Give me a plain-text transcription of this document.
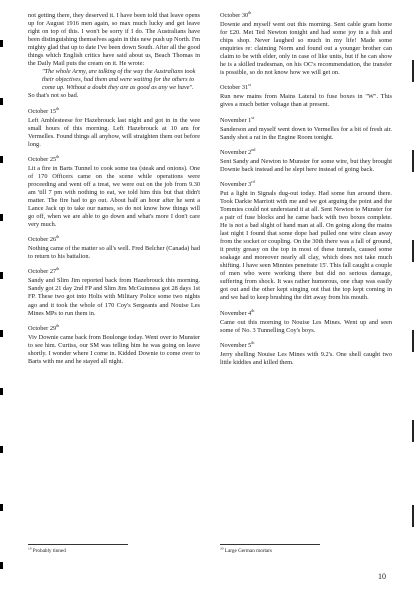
not getting there, they deserved it. I have been told that leave opens up for August 1916 men again, so max much lucky and get leave right on top of this. I won't be sorry if I do. The Australians have been distinguishing themselves again in this new push up North. I'm mighty glad that up to date I've been down South. After all the good things which English critics have said about us, Beach Thomas in the Daily Mail puts the cream on it. He wrote:
"The whole Army, are talking of the way the Australians took their objectives, had them and were waiting for the others to come up. Without a doubt they are as good as any we have".
So that's not so bad.
October 15th
Left Amblesteese for Hazebrouck last night and got in in the wee small hours of this morning. Left Hazebrouck at 10 am for Vermelles. Found things all anyhow, will straighten them out before long.
October 25th
Lit a fire in Barts Tunnel to cook some tea (steak and onions). One of 170 Officers came on the scene while operations were proceeding and went off a treat, we were out on the job from 9.30 am 'till 7 pm with nothing to eat, we told him this but that didn't matter. The fire had to go out. About half an hour after he sent a Lance Jack up to take our names, so do not know how things will go off, when we are able to go down and what's more I don't care very much.
October 26th
Nothing came of the matter so all's well. Fred Belcher (Canada) had to return to his battalion.
October 27th
Sandy and Slim Jim reported back from Hazebrouck this morning. Sandy got 21 day 2nd FP and Slim Jim McGuinness got 28 days 1st FP. These two got into Holts with Military Police some two nights ago and it took the whole of 170 Coy's Sergeants and Nouise Les Mines MPs to run them in.
October 29th
Viv Downie came back from Boulonge today. Went over to Munster to see him. Curtiss, our SM was telling him he was going on leave shortly. I wonder where I come in. Kidded Downie to come over to Barts with me and he stayed all night.
October 30th
Downie and myself went out this morning. Sent cable gram home for £20. Met Ted Newton tonight and had some joy in a fish and chips shop. Never laughed so much in my life! Made some enquiries re: claiming Norm and found out a younger brother can claim to be with elder, only in case of like units, but if he can show he is a skilled tradesman, on his OC's recommendation, the transfer is possible, so do not know how we will get on.
October 31st
Run new mains from Mains Lateral to fuse boxes in "W". This gives a much better voltage than at present.
November 1st
Sanderson and myself went down to Vermelles for a bit of fresh air. Sandy shot a rat in the Engine Room tonight.
November 2nd
Sent Sandy and Newton to Munster for some wire, but they brought Downie back instead and he slept here instead of going back.
November 3rd
Put a light in Signals dug-out today. Had some fun around there. Took Darkie Marriott with me and we got arguing the point and the Tommies could not understand it at all. Sent Newton to Munster for a pair of fuse blocks and he came back with two boxes complete. He is not a bad slight of hand man at all. On going along the mains last night I found that some dope had pulled one wire clean away from the socket or coupling. On the 30th there was a fall of ground, it pretty greasy on the top in most of these tunnels, caused some soakage and moreover nearly all clay, which does not take much shifting. I have seen Minnies penetrate 15'. This fall caught a couple of men who were working there but did no serious damage, suffering from shock. It was rather humorous, one chap was easily got out and the other kept singing out that the top kept coming in and we had to keep brushing the dirt away from his mouth.
November 4th
Came out this morning to Nouise Les Mines. Went up and seen some of No. 3 Tunnelling Coy's boys.
November 5th
Jerry shelling Nouise Les Mines with 9.2's. One shell caught two little kiddies and killed them.
$^{19}$ Probably tinned	$^{20}$ Large German mortars
10
